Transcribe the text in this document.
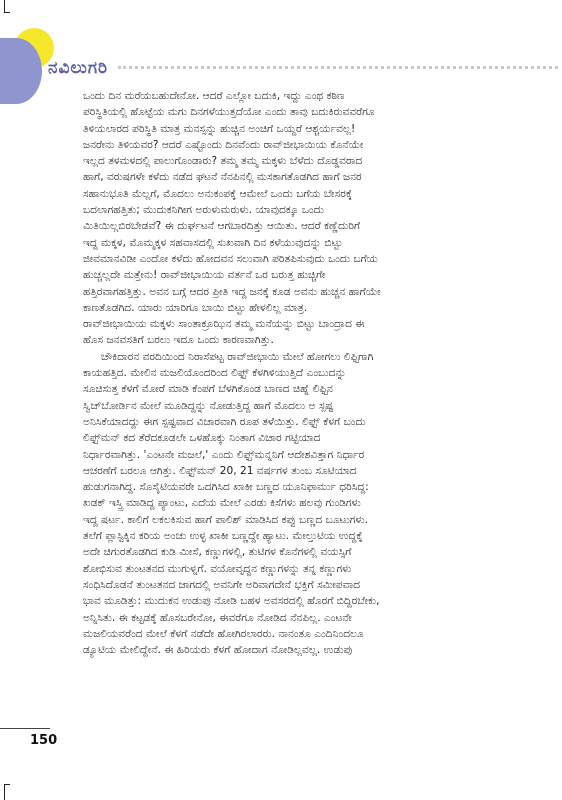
ನವಿಲುಗರಿ
ಒಂದು ದಿನ ಮರೆಯಬಹುದೇನೋ. ಆದರೆ ಎಲ್ಲೋ ಬದುಕಿ, ಇದ್ದು ಎಂಥ ಕಠಿಣ
ಪರಿಸ್ಥಿತಿಯಲ್ಲಿ ಹೊಟ್ಟೆಯ ಮಗು ದಿನಗಳೆಯುತ್ತದೆಯೋ ಎಂದು ತಾವು ಬದುಕಿರುವವರೆಗೂ
ತಿಳಿಯಲಾರದ ಪರಿಸ್ಥಿತಿ ಮಾತ್ರ ಮನಸ್ಸನ್ನು ಹುಚ್ಚಿನ ಅಂಚಿಗೆ ಒಯ್ದರೆ ಆಶ್ಚರ್ಯವಲ್ಲ!
ಜನರೇನು ತಿಳಿಯವರ? ಆದರೆ ಎಷ್ಟೊಂದು ದಿನವೆಂದು ರಾವ್‌ಜೀಭಾಯಿಯ ಕೊನೆಯೇ
ಇಲ್ಲದ ತಳಮಳದಲ್ಲಿ ಪಾಲುಗೊಂಡಾರು? ತಮ್ಮ ತಮ್ಮ ಮಕ್ಕಳು ಬೆಳೆದು ದೊಡ್ಡವರಾದ
ಹಾಗೆ, ವರುಷಗಳೇ ಕಳೆದು ನಡೆದ ಘಟನೆ ನೆನಪಿನಲ್ಲಿ ಮಸಕಾಗತೊಡಗಿದ ಹಾಗೆ ಜನರ
ಸಹಾನುಭೂತಿ ಮೆಲ್ಲಗೆ, ಮೊದಲು ಅನುಕಂಪಕ್ಕೆ ಆಮೇಲೆ ಒಂದು ಬಗೆಯ ಬೇಸರಕ್ಕೆ
ಬದಲಾಗಹತ್ತಿತು; ಮುದುಕನಿಗೀಗ ಅರುಳುಮರುಳು. ಯಾವುದಕ್ಕೂ ಒಂದು
ಮಿತಿಯಿಲ್ಲಬಿರಬೇಡವೆ? ಈ ದುರ್ಘಟನೆ ಆಗಬಾರದಿತ್ತು ಆಯಿತು. ಆದರೆ ಕಣ್ಣೆದುರಿಗೆ
ಇದ್ದ ಮಕ್ಕಳ, ಮೊಮ್ಮಕ್ಕಳ ಸಹವಾಸದಲ್ಲಿ ಸುಖವಾಗಿ ದಿನ ಕಳೆಯುವುದನ್ನು ಬಿಟ್ಟು
ಜೀವಮಾನವಿಡೀ ಎಂದೋ ಕಳೆದು ಹೋದವನ ಸಲುವಾಗಿ ಪರಿತಪಿಸುವುದು ಒಂದು ಬಗೆಯ
ಹುಚ್ಚಲ್ಲದೇ ಮತ್ತೇನು! ರಾವ್‌ಜೀಭಾಯಿಯ ವರ್ತನೆ ಒರ ಬರುತ್ತ ಹುಚ್ಚಿಗೇ
ಹತ್ತಿರವಾಗಹತ್ತಿತ್ತು. ಅವನ ಬಗ್ಗೆ ಆದರ ಪ್ರೀತಿ ಇದ್ದ ಜನಕ್ಕೆ ಕೂಡ ಅವನು ಹುಚ್ಚನ ಹಾಗೆಯೇ
ಕಾಣತೊಡಗಿದ. ಯಾರು ಯಾರಿಗೂ ಬಾಯಿ ಬಿಟ್ಟು ಹೇಳಲಿಲ್ಲ ಮಾತ್ರ.
ರಾವ್‌ಜೀಭಾಯಿಯ ಮಕ್ಕಳು ಸಾಂತಾಕ್ರೂಝಿನ ತಮ್ಮ ಮನೆಯನ್ನು ಬಿಟ್ಟು ಬಾಂದ್ರಾದ ಈ
ಹೊಸ ಜನವಸತಿಗೆ ಬರಲು ಇದೂ ಒಂದು ಕಾರಣವಾಗಿತ್ತು.
ಚೌಕಿದಾರನ ವರದಿಯಿಂದ ನಿರಾಸೆಪಟ್ಟ ರಾವ್‌ಜೀಭಾಯಿ ಮೇಲೆ ಹೋಗಲು ಲಿಫ್ಟಿಗಾಗಿ
ಕಾಯಹತ್ತಿದ. ಮೇಲಿನ ಮಜಲಿಯೊಂದರಿಂದ ಲಿಫ್ಟ್ ಕೆಳಗಿಳಿಯುತ್ತಿದೆ ಎಂಬುದನ್ನು
ಸೂಚಿಸುತ್ತ ಕೆಳಗೆ ಮೋರೆ ಮಾಡಿ ಕೆಂಪಗೆ ಬೆಳಗಿಕೊಂಡ ಬಾಣದ ಚಿಹ್ನೆ ಲಿಫ್ಟಿನ
ಸ್ವಿಚ್‌ಬೋರ್ಡಿನ ಮೇಲೆ ಮೂಡಿದ್ದನ್ನು ನೋಡುತ್ತಿದ್ದ ಹಾಗೆ ಮೊದಲು ಅ ಸ್ಪಷ್ಟ
ಅನಿಸಿಕೆಯಾದದ್ದು ಈಗ ಸ್ಪಷ್ಟವಾದ ವಿಚಾರವಾಗಿ ರೂಪ ತಳೆಯಿತ್ತು. ಲಿಫ್ಟ್ ಕೆಳಗೆ ಬಂದು
ಲಿಫ್ಟ್‌ಮನ್ ಕದ ತೆರೆದಕೂಡಲೇ ಒಳಹೊಕ್ಕು ನಿಂತಾಗ ವಿಚಾರ ಗಟ್ಟಿಯಾದ
ನಿರ್ಧಾರವಾಗಿತ್ತು. 'ಎಂಟನೇ ಮಜಲೆ,' ಎಂದು ಲಿಫ್ಟ್‌ಮನ್ನನಿಗೆ ಆದೇಶವಿತ್ತಾಗ ನಿರ್ಧಾರ
ಆಚರಣೆಗೆ ಬರಲೂ ಆಗಿತ್ತು. ಲಿಫ್ಟ್‌ಮನ್ 20, 21 ವರ್ಷಗಳ ತುಂಬ ಸೂಟಿಯಾದ
ಹುಡುಗನಾಗಿದ್ದ. ಸೊಸೈಟಿಯವರೇ ಒದಗಿಸಿದ ಖಾಕೀ ಬಣ್ಣದ ಯೂನಿಫಾರ್ಮು ಧರಿಸಿದ್ದ:
ಖಡಕ್ ಇಸ್ತ್ರಿ ಮಾಡಿದ್ದ ಪ್ಯಾಂಟು, ಎದೆಯ ಮೇಲೆ ಎರಡು ಕಿಸೆಗಳು ಹಲವು ಗುಂಡಿಗಳು
ಇದ್ದ ಷರ್ಟ. ಕಾಲಿಗೆ ಲಕಲಕಿಸುವ ಹಾಗೆ ಪಾಲಿಶ್ ಮಾಡಿಸಿದ ಕಪ್ಪು ಬಣ್ಣದ ಬೂಟುಗಳು.
ತಲೆಗೆ ಪ್ಲಾಸ್ಟಿಕ್ಕಿನ ಕರಿಯ ಅಂಚು ಉಳ್ಳ ಖಾಕೀ ಬಣ್ಣದ್ದೇ ಹ್ಯಾಟು. ಮೇಲ್ತುಟಿಯ ಉದ್ದಕ್ಕೆ
ಅದೇ ಚಿಗುರತೊಡಗಿದ ಕುಡಿ ಮೀಸೆ, ಕಣ್ಣುಗಳಲ್ಲಿ, ತುಟಿಗಳ ಕೊನೆಗಳಲ್ಲಿ ವಯಸ್ಸಿಗೆ
ಶೋಭಿಸುವ ತುಂಟತನದ ಮುಗುಳ್ನಗೆ. ವಯೋವೃದ್ಧನ ಕಣ್ಣುಗಳನ್ನು ತನ್ನ ಕಣ್ಣುಗಳು
ಸಂಧಿಸಿದೊಡನೆ ತುಂಟತನದ ಜಾಗದಲ್ಲಿ ಅವನಿಗೇ ಅರಿವಾಗದೇನೆ ಭಕ್ತಿಗೆ ಸಮೀಪವಾದ
ಭಾವ ಮೂಡಿತ್ತು: ಮುದುಕನ ಉಡುಪು ನೋಡಿ ಬಹಳ ಅವಸರದಲ್ಲಿ ಹೊರಗೆ ಬಿದ್ದಿರಬೇಕು,
ಅನ್ನಿಸಿತು. ಈ ಕಟ್ಟಡಕ್ಕೆ ಹೊಸಬರೇನೋ, ಈವರೆಗೂ ನೋಡಿದ ನೆನಪಿಲ್ಲ. ಎಂಟನೇ
ಮಜಲಿಯವರೆಂದ ಮೇಲೆ ಕೆಳಗೆ ನಡೆದೇ ಹೋಗಿರಲಾರರು. ನಾನಂತೂ ಎಂದಿನಿಂದಲೂ
ಡ್ಯೂಟಿಯ ಮೇಲಿದ್ದೇನೆ. ಈ ಹಿರಿಯರು ಕೆಳಗೆ ಹೋದಾಗ ನೋಡಿಲ್ಲವಲ್ಲ. ಉಡುಪು
150
